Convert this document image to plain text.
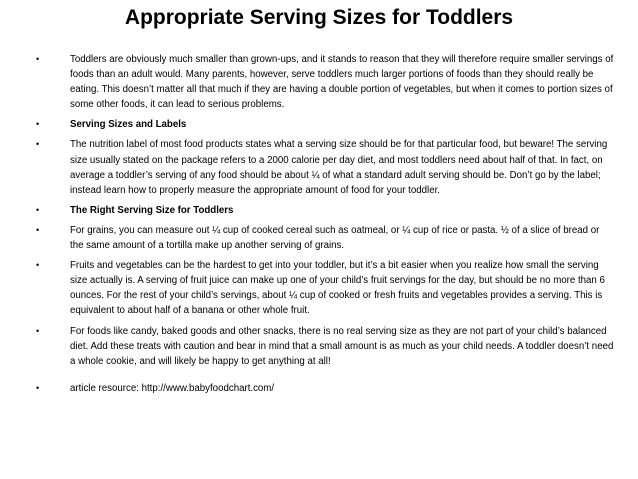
Appropriate Serving Sizes for Toddlers
•	Toddlers are obviously much smaller than grown-ups, and it stands to reason that they will therefore require smaller servings of foods than an adult would. Many parents, however, serve toddlers much larger portions of foods than they should really be eating. This doesn’t matter all that much if they are having a double portion of vegetables, but when it comes to portion sizes of some other foods, it can lead to serious problems.
•	Serving Sizes and Labels
•	The nutrition label of most food products states what a serving size should be for that particular food, but beware! The serving size usually stated on the package refers to a 2000 calorie per day diet, and most toddlers need about half of that. In fact, on average a toddler’s serving of any food should be about ¼ of what a standard adult serving should be. Don’t go by the label; instead learn how to properly measure the appropriate amount of food for your toddler.
•	The Right Serving Size for Toddlers
•	For grains, you can measure out ¼ cup of cooked cereal such as oatmeal, or ¼ cup of rice or pasta. ½ of a slice of bread or the same amount of a tortilla make up another serving of grains.
•	Fruits and vegetables can be the hardest to get into your toddler, but it’s a bit easier when you realize how small the serving size actually is. A serving of fruit juice can make up one of your child’s fruit servings for the day, but should be no more than 6 ounces. For the rest of your child’s servings, about ¼ cup of cooked or fresh fruits and vegetables provides a serving. This is equivalent to about half of a banana or other whole fruit.
•	For foods like candy, baked goods and other snacks, there is no real serving size as they are not part of your child’s balanced diet. Add these treats with caution and bear in mind that a small amount is as much as your child needs. A toddler doesn’t need a whole cookie, and will likely be happy to get anything at all!
•	article resource: http://www.babyfoodchart.com/
